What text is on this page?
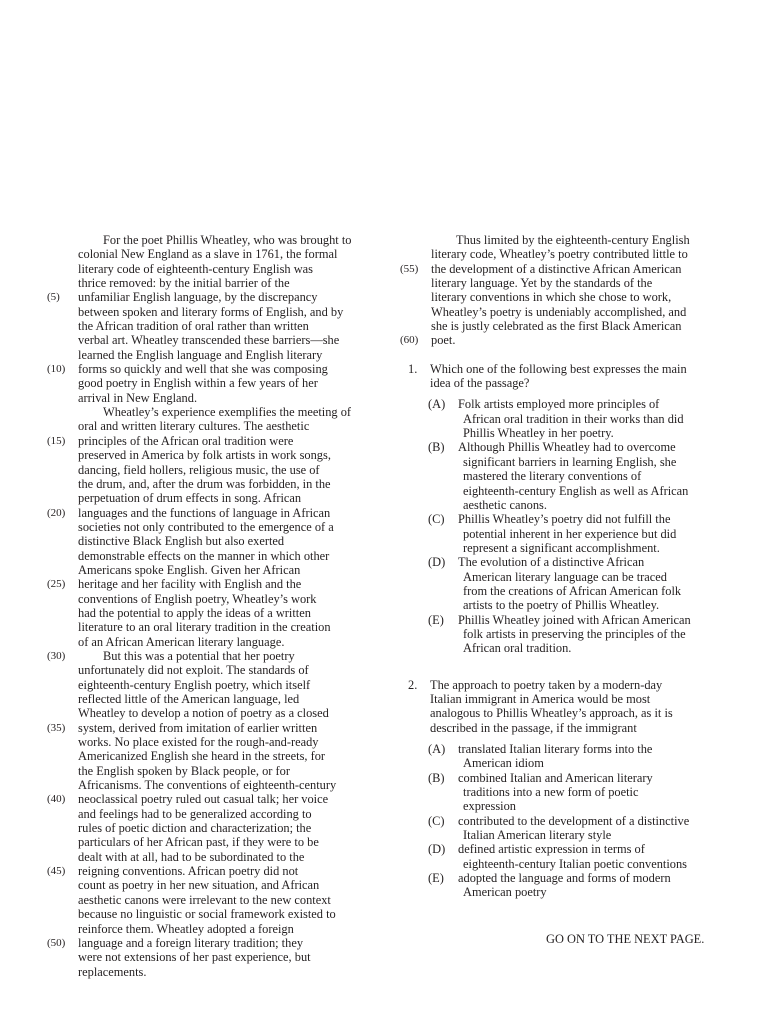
For the poet Phillis Wheatley, who was brought to
colonial New England as a slave in 1761, the formal
literary code of eighteenth-century English was
thrice removed: by the initial barrier of the
(5)	unfamiliar English language, by the discrepancy
between spoken and literary forms of English, and by
the African tradition of oral rather than written
verbal art. Wheatley transcended these barriers—she
learned the English language and English literary
(10)	forms so quickly and well that she was composing
good poetry in English within a few years of her
arrival in New England.
Wheatley’s experience exemplifies the meeting of
oral and written literary cultures. The aesthetic
(15)	principles of the African oral tradition were
preserved in America by folk artists in work songs,
dancing, field hollers, religious music, the use of
the drum, and, after the drum was forbidden, in the
perpetuation of drum effects in song. African
(20)	languages and the functions of language in African
societies not only contributed to the emergence of a
distinctive Black English but also exerted
demonstrable effects on the manner in which other
Americans spoke English. Given her African
(25)	heritage and her facility with English and the
conventions of English poetry, Wheatley’s work
had the potential to apply the ideas of a written
literature to an oral literary tradition in the creation
of an African American literary language.
(30)	But this was a potential that her poetry
unfortunately did not exploit. The standards of
eighteenth-century English poetry, which itself
reflected little of the American language, led
Wheatley to develop a notion of poetry as a closed
(35)	system, derived from imitation of earlier written
works. No place existed for the rough-and-ready
Americanized English she heard in the streets, for
the English spoken by Black people, or for
Africanisms. The conventions of eighteenth-century
(40)	neoclassical poetry ruled out casual talk; her voice
and feelings had to be generalized according to
rules of poetic diction and characterization; the
particulars of her African past, if they were to be
dealt with at all, had to be subordinated to the
(45)	reigning conventions. African poetry did not
count as poetry in her new situation, and African
aesthetic canons were irrelevant to the new context
because no linguistic or social framework existed to
reinforce them. Wheatley adopted a foreign
(50)	language and a foreign literary tradition; they
were not extensions of her past experience, but
replacements.
Thus limited by the eighteenth-century English
literary code, Wheatley’s poetry contributed little to
(55)	the development of a distinctive African American
literary language. Yet by the standards of the
literary conventions in which she chose to work,
Wheatley’s poetry is undeniably accomplished, and
she is justly celebrated as the first Black American
(60)	poet.
1. Which one of the following best expresses the main
idea of the passage?
(A) Folk artists employed more principles of
African oral tradition in their works than did
Phillis Wheatley in her poetry.
(B) Although Phillis Wheatley had to overcome
significant barriers in learning English, she
mastered the literary conventions of
eighteenth-century English as well as African
aesthetic canons.
(C) Phillis Wheatley’s poetry did not fulfill the
potential inherent in her experience but did
represent a significant accomplishment.
(D) The evolution of a distinctive African
American literary language can be traced
from the creations of African American folk
artists to the poetry of Phillis Wheatley.
(E) Phillis Wheatley joined with African American
folk artists in preserving the principles of the
African oral tradition.
2. The approach to poetry taken by a modern-day
Italian immigrant in America would be most
analogous to Phillis Wheatley’s approach, as it is
described in the passage, if the immigrant
(A) translated Italian literary forms into the
American idiom
(B) combined Italian and American literary
traditions into a new form of poetic
expression
(C) contributed to the development of a distinctive
Italian American literary style
(D) defined artistic expression in terms of
eighteenth-century Italian poetic conventions
(E) adopted the language and forms of modern
American poetry
GO ON TO THE NEXT PAGE.
